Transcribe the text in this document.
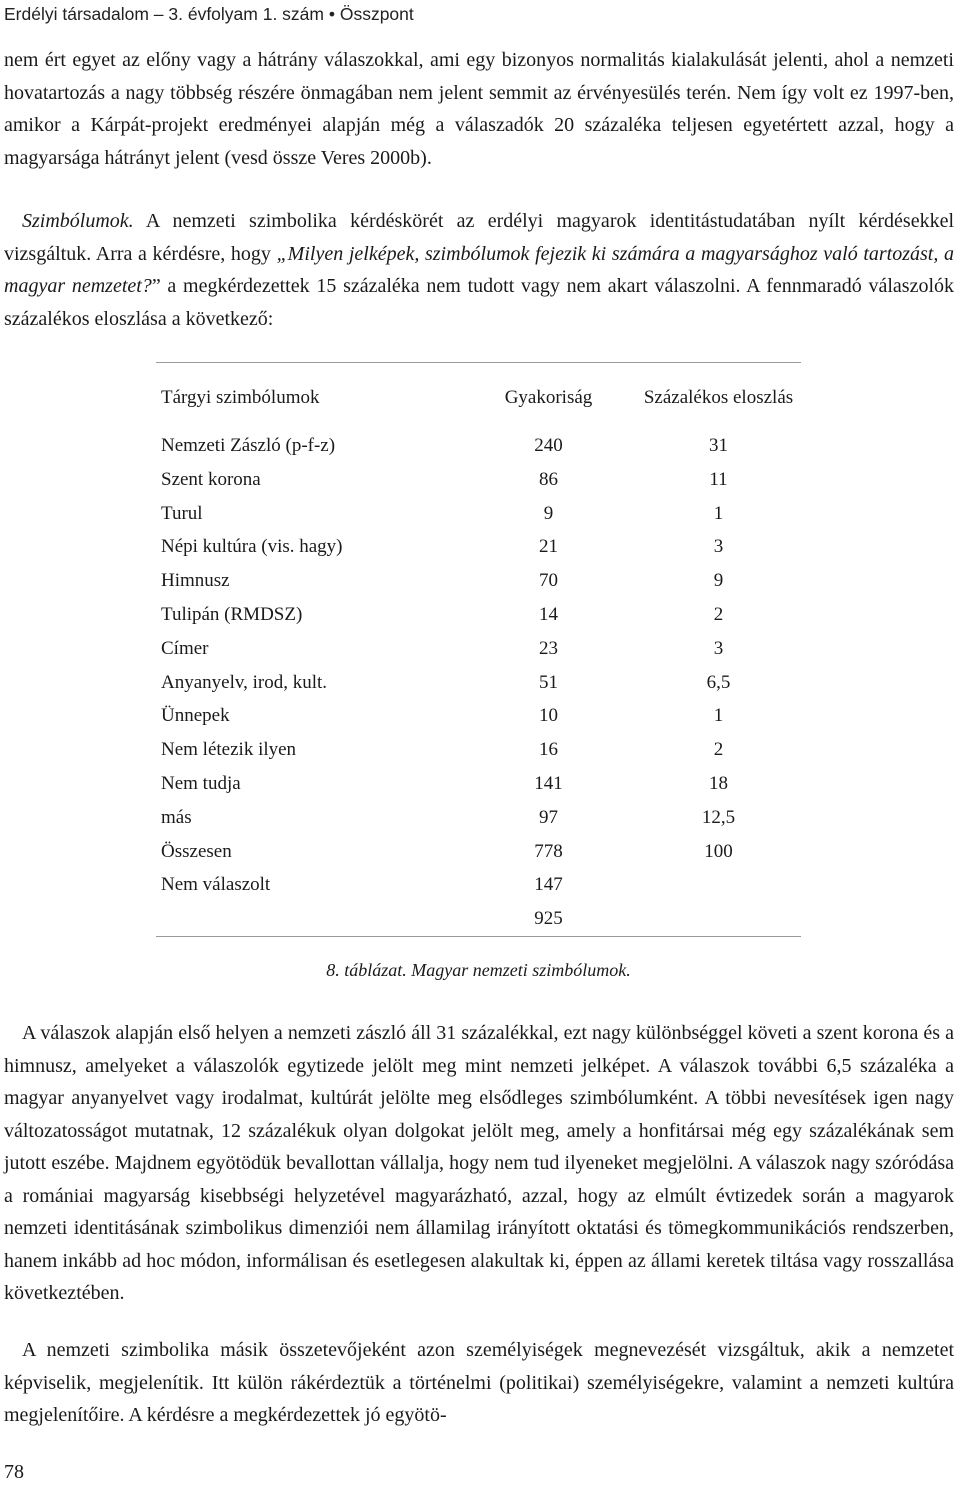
Erdélyi társadalom – 3. évfolyam 1. szám • Összpont

nem ért egyet az előny vagy a hátrány válaszokkal, ami egy bizonyos normalitás kialakulását jelenti, ahol a nemzeti hovatartozás a nagy többség részére önmagában nem jelent semmit az érvényesülés terén. Nem így volt ez 1997-ben, amikor a Kárpát-projekt eredményei alapján még a válaszadók 20 százaléka teljesen egyetértett azzal, hogy a magyarsága hátrányt jelent (vesd össze Veres 2000b).

Szimbólumok. A nemzeti szimbolika kérdéskörét az erdélyi magyarok identitástudatában nyílt kérdésekkel vizsgáltuk. Arra a kérdésre, hogy „Milyen jelképek, szimbólumok fejezik ki számára a magyarsághoz való tartozást, a magyar nemzetet?” a megkérdezettek 15 százaléka nem tudott vagy nem akart válaszolni. A fennmaradó válaszolók százalékos eloszlása a következő:

Tárgyi szimbólumok	Gyakoriság	Százalékos eloszlás
Nemzeti Zászló (p-f-z)	240	31
Szent korona	86	11
Turul	9	1
Népi kultúra (vis. hagy)	21	3
Himnusz	70	9
Tulipán (RMDSZ)	14	2
Címer	23	3
Anyanyelv, irod, kult.	51	6,5
Ünnepek	10	1
Nem létezik ilyen	16	2
Nem tudja	141	18
más	97	12,5
Összesen	778	100
Nem válaszolt	147	
	925	
8. táblázat. Magyar nemzeti szimbólumok.

A válaszok alapján első helyen a nemzeti zászló áll 31 százalékkal, ezt nagy különbséggel követi a szent korona és a himnusz, amelyeket a válaszolók egytizede jelölt meg mint nemzeti jelképet. A válaszok további 6,5 százaléka a magyar anyanyelvet vagy irodalmat, kultúrát jelölte meg elsődleges szimbólumként. A többi nevesítések igen nagy változatosságot mutatnak, 12 százalékuk olyan dolgokat jelölt meg, amely a honfitársai még egy százalékának sem jutott eszébe. Majdnem egyötödük bevallottan vállalja, hogy nem tud ilyeneket megjelölni. A válaszok nagy szóródása a romániai magyarság kisebbségi helyzetével magyarázható, azzal, hogy az elmúlt évtizedek során a magyarok nemzeti identitásának szimbolikus dimenziói nem államilag irányított oktatási és tömegkommunikációs rendszerben, hanem inkább ad hoc módon, informálisan és esetlegesen alakultak ki, éppen az állami keretek tiltása vagy rosszallása következtében.

A nemzeti szimbolika másik összetevőjeként azon személyiségek megnevezését vizsgáltuk, akik a nemzetet képviselik, megjelenítik. Itt külön rákérdeztük a történelmi (politikai) személyiségekre, valamint a nemzeti kultúra megjelenítőire. A kérdésre a megkérdezettek jó egyötö-

78
